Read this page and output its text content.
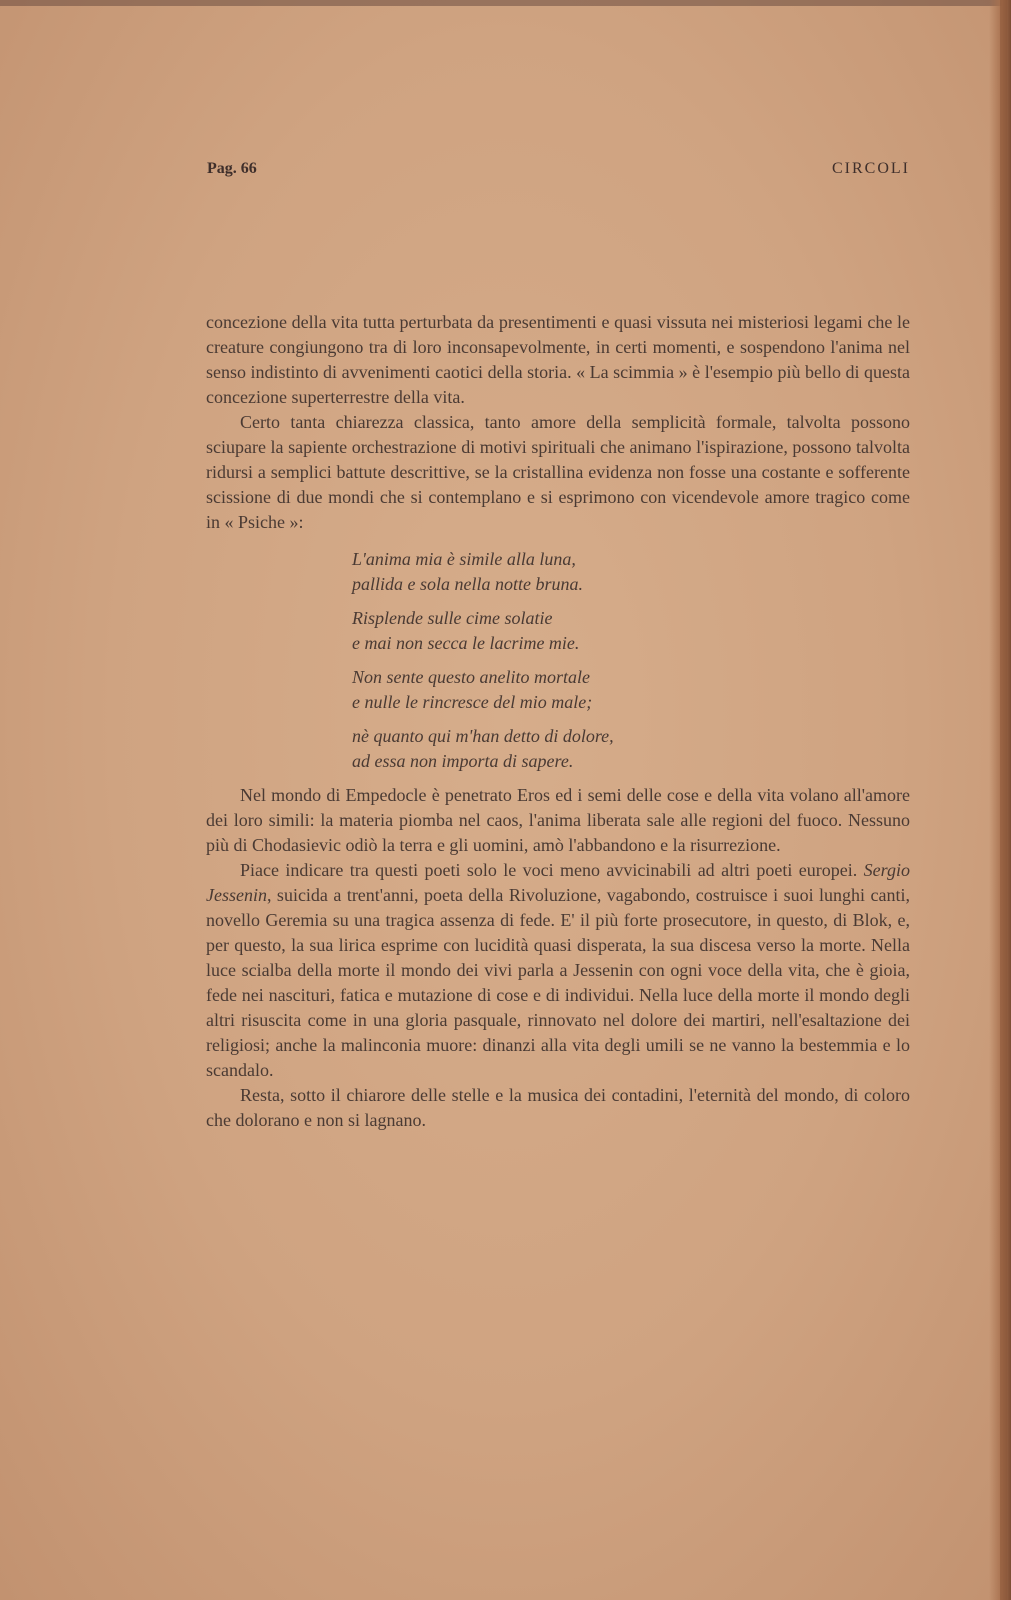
Pag. 66	CIRCOLI

concezione della vita tutta perturbata da presentimenti e quasi vissuta nei misteriosi legami che le creature congiungono tra di loro inconsapevolmente, in certi momenti, e sospendono l'anima nel senso indistinto di avvenimenti caotici della storia. « La scimmia » è l'esempio più bello di questa concezione superterrestre della vita.

Certo tanta chiarezza classica, tanto amore della semplicità formale, talvolta possono sciupare la sapiente orchestrazione di motivi spirituali che animano l'ispirazione, possono talvolta ridursi a semplici battute descrittive, se la cristallina evidenza non fosse una costante e sofferente scissione di due mondi che si contemplano e si esprimono con vicendevole amore tragico come in « Psiche »:

L'anima mia è simile alla luna,
pallida e sola nella notte bruna.
Risplende sulle cime solatie
e mai non secca le lacrime mie.
Non sente questo anelito mortale
e nulle le rincresce del mio male;
nè quanto qui m'han detto di dolore,
ad essa non importa di sapere.

Nel mondo di Empedocle è penetrato Eros ed i semi delle cose e della vita volano all'amore dei loro simili: la materia piomba nel caos, l'anima liberata sale alle regioni del fuoco. Nessuno più di Chodasievic odiò la terra e gli uomini, amò l'abbandono e la risurrezione.

Piace indicare tra questi poeti solo le voci meno avvicinabili ad altri poeti europei. Sergio Jessenin, suicida a trent'anni, poeta della Rivoluzione, vagabondo, costruisce i suoi lunghi canti, novello Geremia su una tragica assenza di fede. E' il più forte prosecutore, in questo, di Blok, e, per questo, la sua lirica esprime con lucidità quasi disperata, la sua discesa verso la morte. Nella luce scialba della morte il mondo dei vivi parla a Jessenin con ogni voce della vita, che è gioia, fede nei nascituri, fatica e mutazione di cose e di individui. Nella luce della morte il mondo degli altri risuscita come in una gloria pasquale, rinnovato nel dolore dei martiri, nell'esaltazione dei religiosi; anche la malinconia muore: dinanzi alla vita degli umili se ne vanno la bestemmia e lo scandalo.

Resta, sotto il chiarore delle stelle e la musica dei contadini, l'eternità del mondo, di coloro che dolorano e non si lagnano.
